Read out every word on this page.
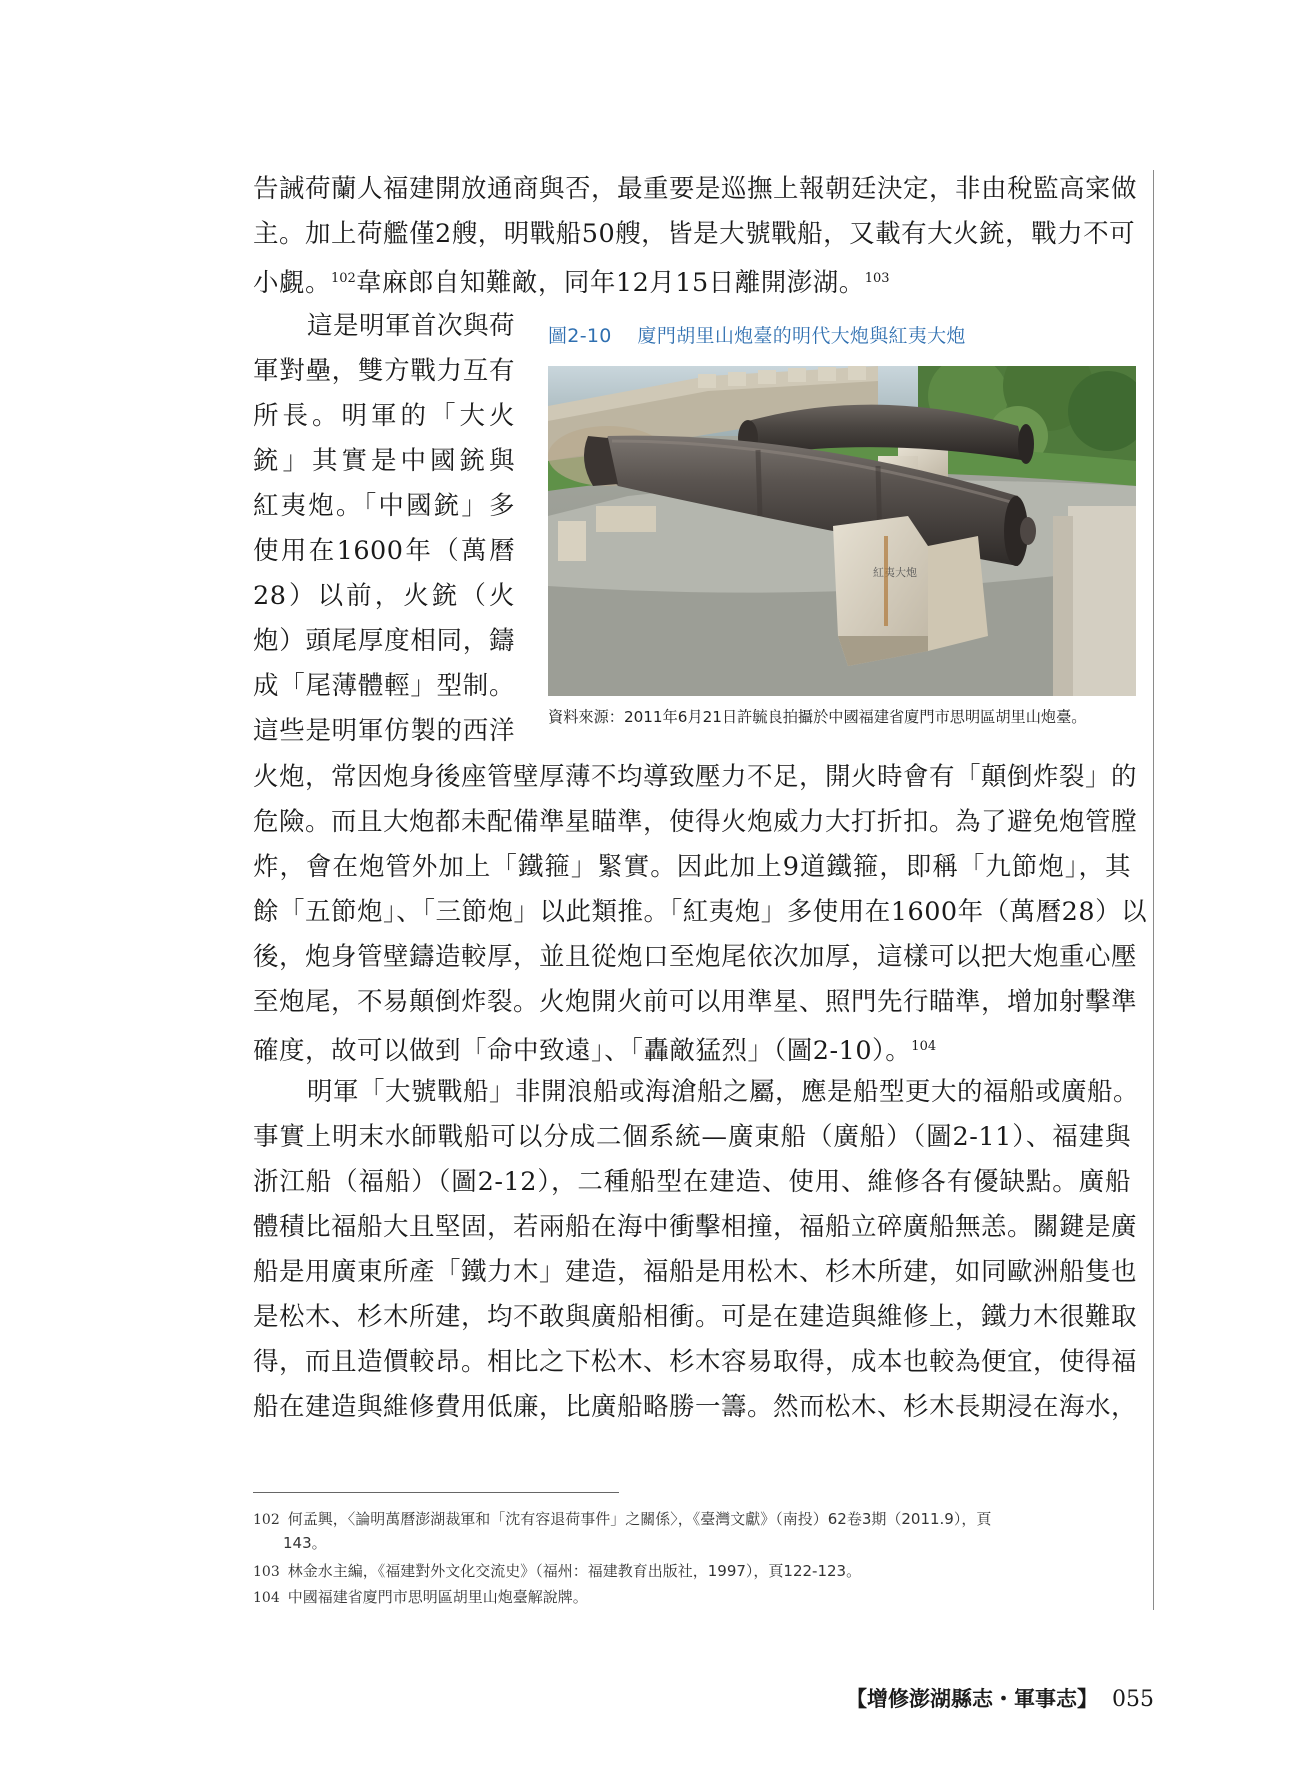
告誡荷蘭人福建開放通商與否，最重要是巡撫上報朝廷決定，非由稅監高寀做
主。加上荷艦僅2艘，明戰船50艘，皆是大號戰船，又載有大火銃，戰力不可
小覷。$^{102}$韋麻郎自知難敵，同年12月15日離開澎湖。$^{103}$
這是明軍首次與荷
軍對壘，雙方戰力互有
所長。明軍的「大火
銃」其實是中國銃與
紅夷炮。「中國銃」多
使用在1600年（萬曆
28）以前，火銃（火
炮）頭尾厚度相同，鑄
成「尾薄體輕」型制。
這些是明軍仿製的西洋
圖2-10 廈門胡里山炮臺的明代大炮與紅夷大炮
紅夷大炮
資料來源：2011年6月21日許毓良拍攝於中國福建省廈門市思明區胡里山炮臺。
火炮，常因炮身後座管壁厚薄不均導致壓力不足，開火時會有「顛倒炸裂」的
危險。而且大炮都未配備準星瞄準，使得火炮威力大打折扣。為了避免炮管膛
炸，會在炮管外加上「鐵箍」緊實。因此加上9道鐵箍，即稱「九節炮」，其
餘「五節炮」、「三節炮」以此類推。「紅夷炮」多使用在1600年（萬曆28）以
後，炮身管壁鑄造較厚，並且從炮口至炮尾依次加厚，這樣可以把大炮重心壓
至炮尾，不易顛倒炸裂。火炮開火前可以用準星、照門先行瞄準，增加射擊準
確度，故可以做到「命中致遠」、「轟敵猛烈」（圖2-10）。$^{104}$
明軍「大號戰船」非開浪船或海滄船之屬，應是船型更大的福船或廣船。
事實上明末水師戰船可以分成二個系統—廣東船（廣船）（圖2-11）、福建與
浙江船（福船）（圖2-12），二種船型在建造、使用、維修各有優缺點。廣船
體積比福船大且堅固，若兩船在海中衝擊相撞，福船立碎廣船無恙。關鍵是廣
船是用廣東所產「鐵力木」建造，福船是用松木、杉木所建，如同歐洲船隻也
是松木、杉木所建，均不敢與廣船相衝。可是在建造與維修上，鐵力木很難取
得，而且造價較昂。相比之下松木、杉木容易取得，成本也較為便宜，使得福
船在建造與維修費用低廉，比廣船略勝一籌。然而松木、杉木長期浸在海水，
102 何孟興，〈論明萬曆澎湖裁軍和「沈有容退荷事件」之關係〉，《臺灣文獻》（南投）62卷3期（2011.9），頁
143。
103 林金水主編，《福建對外文化交流史》（福州：福建教育出版社，1997），頁122-123。
104 中國福建省廈門市思明區胡里山炮臺解說牌。
【增修澎湖縣志・軍事志】 055
